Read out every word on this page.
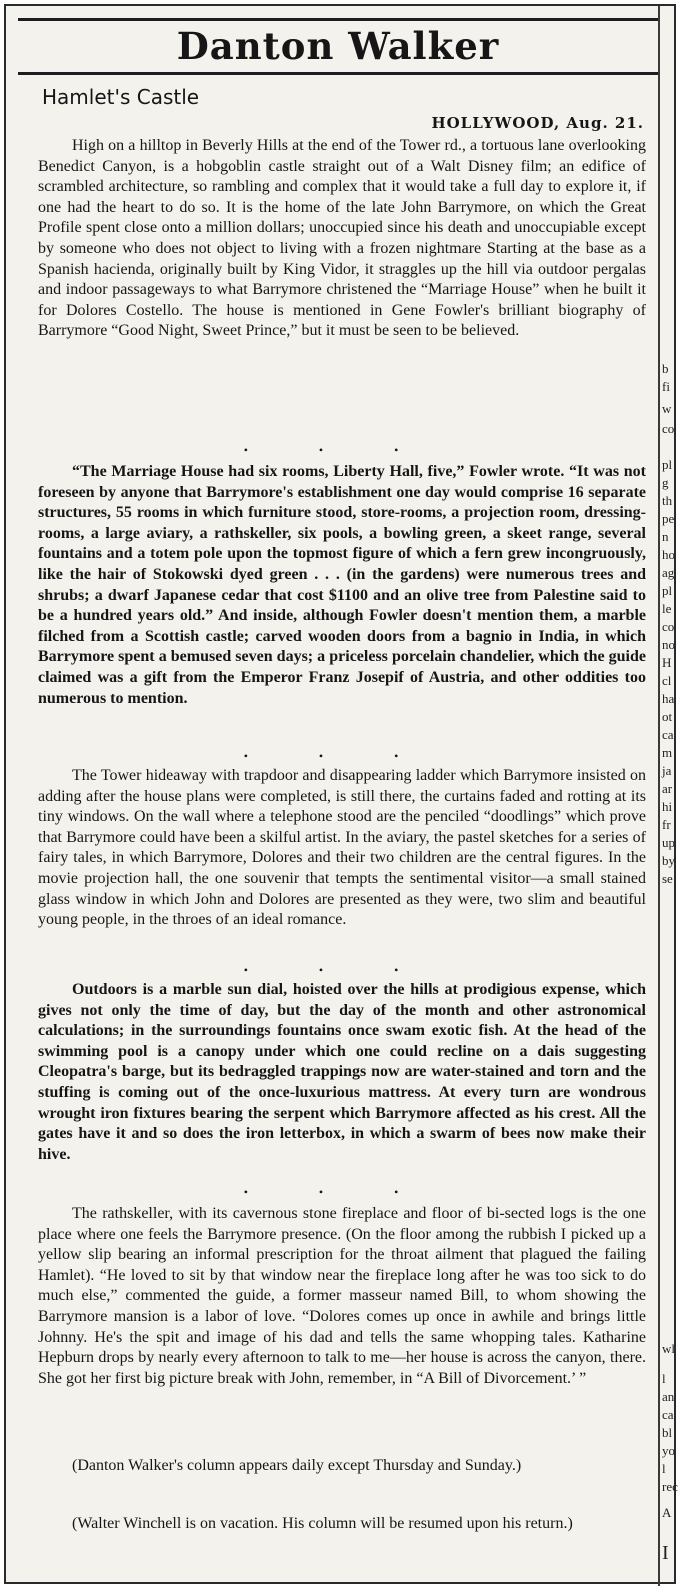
Danton Walker
Hamlet's Castle
HOLLYWOOD, Aug. 21.

High on a hilltop in Beverly Hills at the end of the Tower rd., a tortuous lane overlooking Benedict Canyon, is a hobgoblin castle straight out of a Walt Disney film; an edifice of scrambled architecture, so rambling and complex that it would take a full day to explore it, if one had the heart to do so. It is the home of the late John Barrymore, on which the Great Profile spent close onto a million dollars; unoccupied since his death and unoccupiable except by someone who does not object to living with a frozen nightmare Starting at the base as a Spanish hacienda, originally built by King Vidor, it straggles up the hill via outdoor pergalas and indoor passageways to what Barrymore christened the “Marriage House” when he built it for Dolores Costello. The house is mentioned in Gene Fowler's brilliant biography of Barrymore “Good Night, Sweet Prince,” but it must be seen to be believed.

• • •

“The Marriage House had six rooms, Liberty Hall, five,” Fowler wrote. “It was not foreseen by anyone that Barrymore's establishment one day would comprise 16 separate structures, 55 rooms in which furniture stood, store-rooms, a projection room, dressing-rooms, a large aviary, a rathskeller, six pools, a bowling green, a skeet range, several fountains and a totem pole upon the topmost figure of which a fern grew incongruously, like the hair of Stokowski dyed green . . . (in the gardens) were numerous trees and shrubs; a dwarf Japanese cedar that cost $1100 and an olive tree from Palestine said to be a hundred years old.” And inside, although Fowler doesn't mention them, a marble filched from a Scottish castle; carved wooden doors from a bagnio in India, in which Barrymore spent a bemused seven days; a priceless porcelain chandelier, which the guide claimed was a gift from the Emperor Franz Josepif of Austria, and other oddities too numerous to mention.

• • •

The Tower hideaway with trapdoor and disappearing ladder which Barrymore insisted on adding after the house plans were completed, is still there, the curtains faded and rotting at its tiny windows. On the wall where a telephone stood are the penciled “doodlings” which prove that Barrymore could have been a skilful artist. In the aviary, the pastel sketches for a series of fairy tales, in which Barrymore, Dolores and their two children are the central figures. In the movie projection hall, the one souvenir that tempts the sentimental visitor—a small stained glass window in which John and Dolores are presented as they were, two slim and beautiful young people, in the throes of an ideal romance.

• • •

Outdoors is a marble sun dial, hoisted over the hills at prodigious expense, which gives not only the time of day, but the day of the month and other astronomical calculations; in the surroundings fountains once swam exotic fish. At the head of the swimming pool is a canopy under which one could recline on a dais suggesting Cleopatra's barge, but its bedraggled trappings now are water-stained and torn and the stuffing is coming out of the once-luxurious mattress. At every turn are wondrous wrought iron fixtures bearing the serpent which Barrymore affected as his crest. All the gates have it and so does the iron letterbox, in which a swarm of bees now make their hive.

• • •

The rathskeller, with its cavernous stone fireplace and floor of bi-sected logs is the one place where one feels the Barrymore presence. (On the floor among the rubbish I picked up a yellow slip bearing an informal prescription for the throat ailment that plagued the failing Hamlet). “He loved to sit by that window near the fireplace long after he was too sick to do much else,” commented the guide, a former masseur named Bill, to whom showing the Barrymore mansion is a labor of love. “Dolores comes up once in awhile and brings little Johnny. He's the spit and image of his dad and tells the same whopping tales. Katharine Hepburn drops by nearly every afternoon to talk to me—her house is across the canyon, there. She got her first big picture break with John, remember, in “A Bill of Divorcement.’ ”

(Danton Walker's column appears daily except Thursday and Sunday.)

(Walter Winchell is on vacation. His column will be resumed upon his return.)

b
fi
w
co
pl
g
th
pe
n
ho
ag
pl
le
co
no
H
cl
ha
ot
ca
m
ja
ar
hi
fr
up
by
se
wl
l
an
ca
bl
yo
l
rec
A
I
